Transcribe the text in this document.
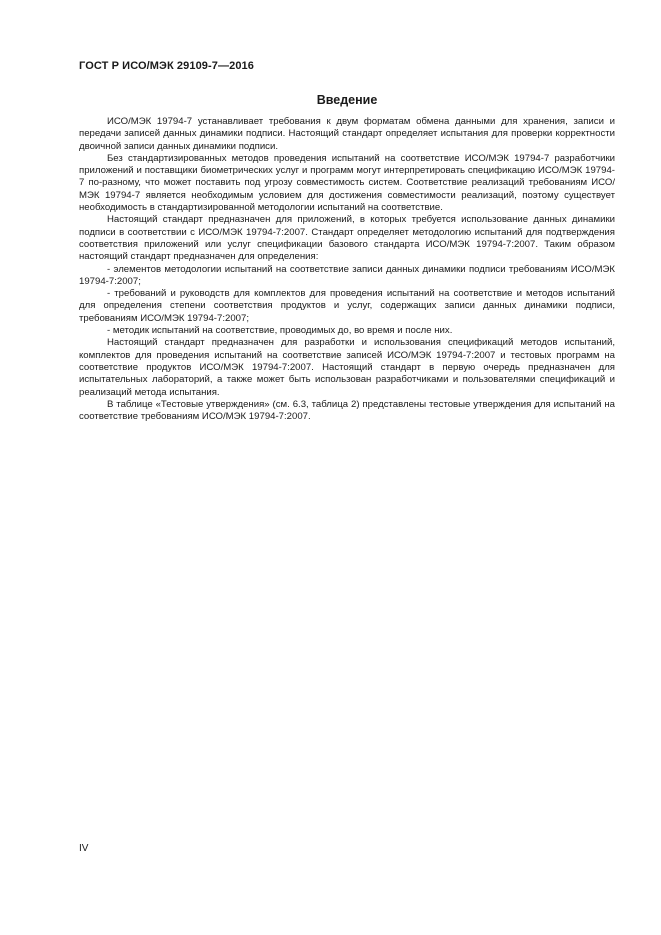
ГОСТ Р ИСО/МЭК 29109-7—2016
Введение

ИСО/МЭК 19794-7 устанавливает требования к двум форматам обмена данными для хранения, записи и передачи записей данных динамики подписи. Настоящий стандарт определяет испытания для проверки корректности двоичной записи данных динамики подписи.

Без стандартизированных методов проведения испытаний на соответствие ИСО/МЭК 19794-7 разработчики приложений и поставщики биометрических услуг и программ могут интерпретировать спецификацию ИСО/МЭК 19794-7 по-разному, что может поставить под угрозу совместимость систем. Соответствие реализаций требованиям ИСО/МЭК 19794-7 является необходимым условием для достижения совместимости реализаций, поэтому существует необходимость в стандартизированной методологии испытаний на соответствие.

Настоящий стандарт предназначен для приложений, в которых требуется использование данных динамики подписи в соответствии с ИСО/МЭК 19794-7:2007. Стандарт определяет методологию испытаний для подтверждения соответствия приложений или услуг спецификации базового стандарта ИСО/МЭК 19794-7:2007. Таким образом настоящий стандарт предназначен для определения:

- элементов методологии испытаний на соответствие записи данных динамики подписи требованиям ИСО/МЭК 19794-7:2007;

- требований и руководств для комплектов для проведения испытаний на соответствие и методов испытаний для определения степени соответствия продуктов и услуг, содержащих записи данных динамики подписи, требованиям ИСО/МЭК 19794-7:2007;

- методик испытаний на соответствие, проводимых до, во время и после них.

Настоящий стандарт предназначен для разработки и использования спецификаций методов испытаний, комплектов для проведения испытаний на соответствие записей ИСО/МЭК 19794-7:2007 и тестовых программ на соответствие продуктов ИСО/МЭК 19794-7:2007. Настоящий стандарт в первую очередь предназначен для испытательных лабораторий, а также может быть использован разработчиками и пользователями спецификаций и реализаций метода испытания.

В таблице «Тестовые утверждения» (см. 6.3, таблица 2) представлены тестовые утверждения для испытаний на соответствие требованиям ИСО/МЭК 19794-7:2007.

IV
